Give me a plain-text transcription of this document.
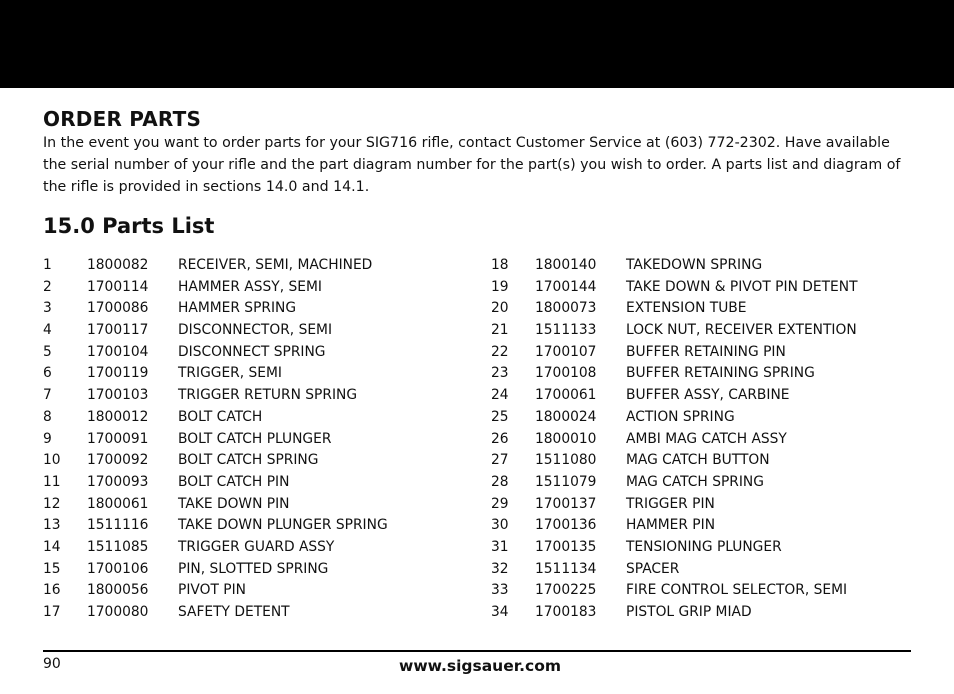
ORDER PARTS

In the event you want to order parts for your SIG716 rifle, contact Customer Service at (603) 772-2302. Have available the serial number of your rifle and the part diagram number for the part(s) you wish to order. A parts list and diagram of the rifle is provided in sections 14.0 and 14.1.

15.0 Parts List
1	1800082 RECEIVER, SEMI, MACHINED
2	1700114 HAMMER ASSY, SEMI
3	1700086 HAMMER SPRING
4	1700117 DISCONNECTOR, SEMI
5	1700104 DISCONNECT SPRING
6	1700119 TRIGGER, SEMI
7	1700103 TRIGGER RETURN SPRING
8	1800012 BOLT CATCH
9	1700091 BOLT CATCH PLUNGER
10 1700092 BOLT CATCH SPRING
11 1700093 BOLT CATCH PIN
12 1800061 TAKE DOWN PIN
13 1511116 TAKE DOWN PLUNGER SPRING
14 1511085 TRIGGER GUARD ASSY
15 1700106 PIN, SLOTTED SPRING
16 1800056 PIVOT PIN
17 1700080 SAFETY DETENT
18 1800140 TAKEDOWN SPRING
19 1700144 TAKE DOWN & PIVOT PIN DETENT
20 1800073 EXTENSION TUBE
21 1511133 LOCK NUT, RECEIVER EXTENTION
22 1700107 BUFFER RETAINING PIN
23 1700108 BUFFER RETAINING SPRING
24 1700061 BUFFER ASSY, CARBINE
25 1800024 ACTION SPRING
26 1800010 AMBI MAG CATCH ASSY
27 1511080 MAG CATCH BUTTON
28 1511079 MAG CATCH SPRING
29 1700137 TRIGGER PIN
30 1700136 HAMMER PIN
31 1700135 TENSIONING PLUNGER
32 1511134 SPACER
33 1700225 FIRE CONTROL SELECTOR, SEMI
34 1700183 PISTOL GRIP MIAD
90	www.sigsauer.com
